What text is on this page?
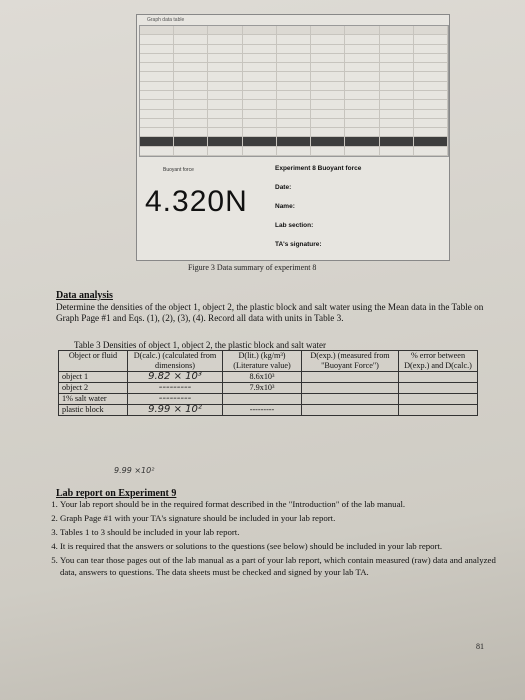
Graph data table
Buoyant force
4.320N
Experiment 8 Buoyant force
Date:
Name:
Lab section:
TA's signature:
Figure 3 Data summary of experiment 8
Data analysis
Determine the densities of the object 1, object 2, the plastic block and salt water using the Mean data in the Table on Graph Page #1 and Eqs. (1), (2), (3), (4). Record all data with units in Table 3.
Table 3 Densities of object 1, object 2, the plastic block and salt water
Object or fluid	D(calc.) (calculated from dimensions)	D(lit.) (kg/m³) (Literature value)	D(exp.) (measured from "Buoyant Force")	% error between D(exp.) and D(calc.)
object 1	9.82 × 10³	8.6x10³		
object 2	---------	7.9x10³		
1% salt water	---------			
plastic block	9.99 × 10²	---------		
9.99 ×10²
Lab report on Experiment 9
1. Your lab report should be in the required format described in the "Introduction" of the lab manual.
2. Graph Page #1 with your TA's signature should be included in your lab report.
3. Tables 1 to 3 should be included in your lab report.
4. It is required that the answers or solutions to the questions (see below) should be included in your lab report.
5. You can tear those pages out of the lab manual as a part of your lab report, which contain measured (raw) data and analyzed data, answers to questions. The data sheets must be checked and signed by your lab TA.
81
